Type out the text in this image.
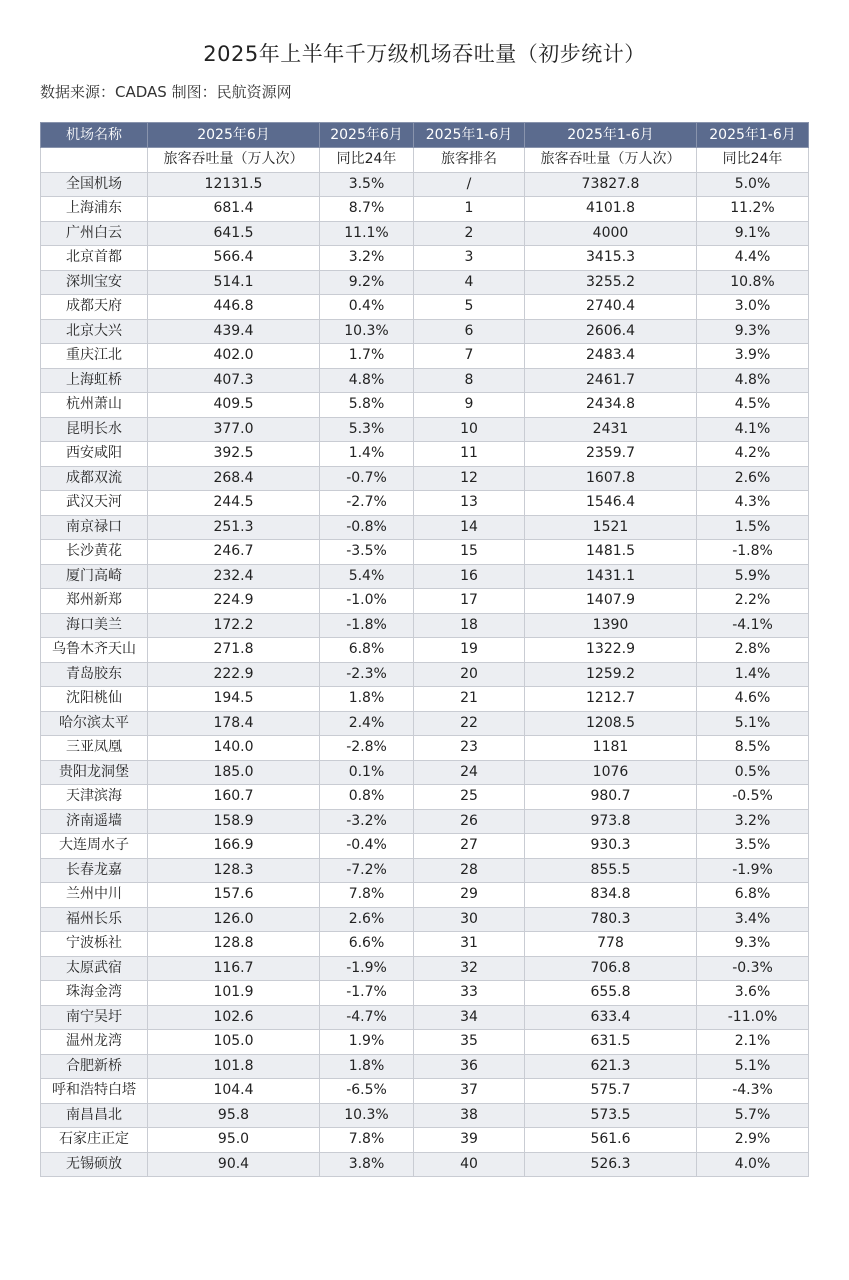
2025年上半年千万级机场吞吐量（初步统计）
数据来源：CADAS 制图：民航资源网
机场名称	2025年6月	2025年6月	2025年1-6月	2025年1-6月	2025年1-6月
	旅客吞吐量（万人次）	同比24年	旅客排名	旅客吞吐量（万人次）	同比24年
全国机场	12131.5	3.5%	/	73827.8	5.0%
上海浦东	681.4	8.7%	1	4101.8	11.2%
广州白云	641.5	11.1%	2	4000	9.1%
北京首都	566.4	3.2%	3	3415.3	4.4%
深圳宝安	514.1	9.2%	4	3255.2	10.8%
成都天府	446.8	0.4%	5	2740.4	3.0%
北京大兴	439.4	10.3%	6	2606.4	9.3%
重庆江北	402.0	1.7%	7	2483.4	3.9%
上海虹桥	407.3	4.8%	8	2461.7	4.8%
杭州萧山	409.5	5.8%	9	2434.8	4.5%
昆明长水	377.0	5.3%	10	2431	4.1%
西安咸阳	392.5	1.4%	11	2359.7	4.2%
成都双流	268.4	-0.7%	12	1607.8	2.6%
武汉天河	244.5	-2.7%	13	1546.4	4.3%
南京禄口	251.3	-0.8%	14	1521	1.5%
长沙黄花	246.7	-3.5%	15	1481.5	-1.8%
厦门高崎	232.4	5.4%	16	1431.1	5.9%
郑州新郑	224.9	-1.0%	17	1407.9	2.2%
海口美兰	172.2	-1.8%	18	1390	-4.1%
乌鲁木齐天山	271.8	6.8%	19	1322.9	2.8%
青岛胶东	222.9	-2.3%	20	1259.2	1.4%
沈阳桃仙	194.5	1.8%	21	1212.7	4.6%
哈尔滨太平	178.4	2.4%	22	1208.5	5.1%
三亚凤凰	140.0	-2.8%	23	1181	8.5%
贵阳龙洞堡	185.0	0.1%	24	1076	0.5%
天津滨海	160.7	0.8%	25	980.7	-0.5%
济南遥墙	158.9	-3.2%	26	973.8	3.2%
大连周水子	166.9	-0.4%	27	930.3	3.5%
长春龙嘉	128.3	-7.2%	28	855.5	-1.9%
兰州中川	157.6	7.8%	29	834.8	6.8%
福州长乐	126.0	2.6%	30	780.3	3.4%
宁波栎社	128.8	6.6%	31	778	9.3%
太原武宿	116.7	-1.9%	32	706.8	-0.3%
珠海金湾	101.9	-1.7%	33	655.8	3.6%
南宁吴圩	102.6	-4.7%	34	633.4	-11.0%
温州龙湾	105.0	1.9%	35	631.5	2.1%
合肥新桥	101.8	1.8%	36	621.3	5.1%
呼和浩特白塔	104.4	-6.5%	37	575.7	-4.3%
南昌昌北	95.8	10.3%	38	573.5	5.7%
石家庄正定	95.0	7.8%	39	561.6	2.9%
无锡硕放	90.4	3.8%	40	526.3	4.0%
